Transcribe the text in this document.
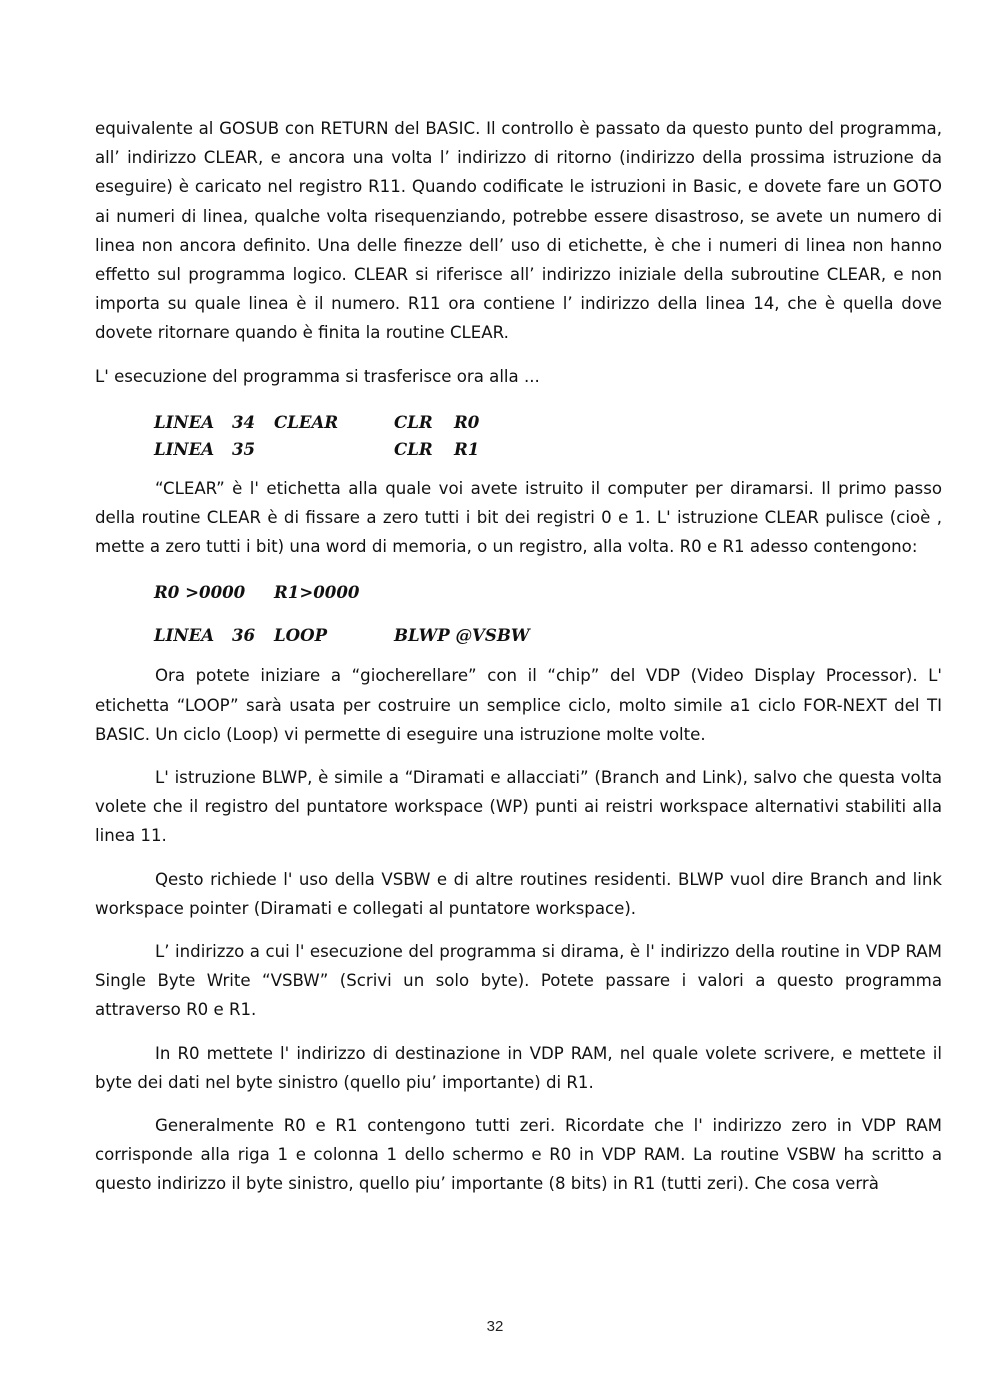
equivalente al GOSUB con RETURN del BASIC. Il controllo è passato da questo punto del programma, all’ indirizzo CLEAR, e ancora una volta l’ indirizzo di ritorno (indirizzo della prossima istruzione da eseguire) è caricato nel registro R11. Quando codificate le istruzioni in Basic, e dovete fare un GOTO ai numeri di linea, qualche volta risequenziando, potrebbe essere disastroso, se avete un numero di linea non ancora definito. Una delle finezze dell’ uso di etichette, è che i numeri di linea non hanno effetto sul programma logico. CLEAR si riferisce all’ indirizzo iniziale della subroutine CLEAR, e non importa su quale linea è il numero. R11 ora contiene l’ indirizzo della linea 14, che è quella dove dovete ritornare quando è finita la routine CLEAR.

L' esecuzione del programma si trasferisce ora alla ...

LINEA 34 CLEAR	CLR R0
LINEA 35	CLR R1

“CLEAR” è l' etichetta alla quale voi avete istruito il computer per diramarsi. Il primo passo della routine CLEAR è di fissare a zero tutti i bit dei registri 0 e 1. L' istruzione CLEAR pulisce (cioè , mette a zero tutti i bit) una word di memoria, o un registro, alla volta. R0 e R1 adesso contengono:

R0 >0000 R1>0000
LINEA 36 LOOP	BLWP @VSBW

Ora potete iniziare a “giocherellare” con il “chip” del VDP (Video Display Processor). L' etichetta “LOOP” sarà usata per costruire un semplice ciclo, molto simile a1 ciclo FOR-NEXT del TI BASIC. Un ciclo (Loop) vi permette di eseguire una istruzione molte volte.

L' istruzione BLWP, è simile a “Diramati e allacciati” (Branch and Link), salvo che questa volta volete che il registro del puntatore workspace (WP) punti ai reistri workspace alternativi stabiliti alla linea 11.

Qesto richiede l' uso della VSBW e di altre routines residenti. BLWP vuol dire Branch and link workspace pointer (Diramati e collegati al puntatore workspace).

L’ indirizzo a cui l' esecuzione del programma si dirama, è l' indirizzo della routine in VDP RAM Single Byte Write “VSBW” (Scrivi un solo byte). Potete passare i valori a questo programma attraverso R0 e R1.

In R0 mettete l' indirizzo di destinazione in VDP RAM, nel quale volete scrivere, e mettete il byte dei dati nel byte sinistro (quello piu’ importante) di R1.

Generalmente R0 e R1 contengono tutti zeri. Ricordate che l' indirizzo zero in VDP RAM corrisponde alla riga 1 e colonna 1 dello schermo e R0 in VDP RAM. La routine VSBW ha scritto a questo indirizzo il byte sinistro, quello piu’ importante (8 bits) in R1 (tutti zeri). Che cosa verrà

32
